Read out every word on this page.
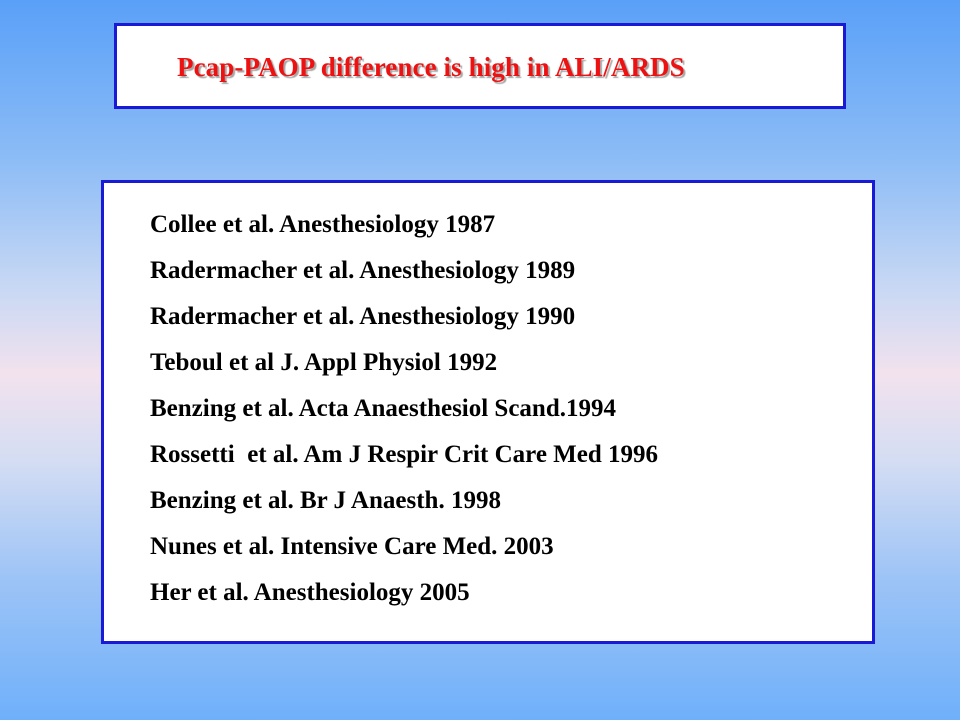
Pcap-PAOP difference is high in ALI/ARDS
Collee et al. Anesthesiology 1987
Radermacher et al. Anesthesiology 1989
Radermacher et al. Anesthesiology 1990
Teboul et al J. Appl Physiol 1992
Benzing et al. Acta Anaesthesiol Scand.1994
Rossetti  et al. Am J Respir Crit Care Med 1996
Benzing et al. Br J Anaesth. 1998
Nunes et al. Intensive Care Med. 2003
Her et al. Anesthesiology 2005
